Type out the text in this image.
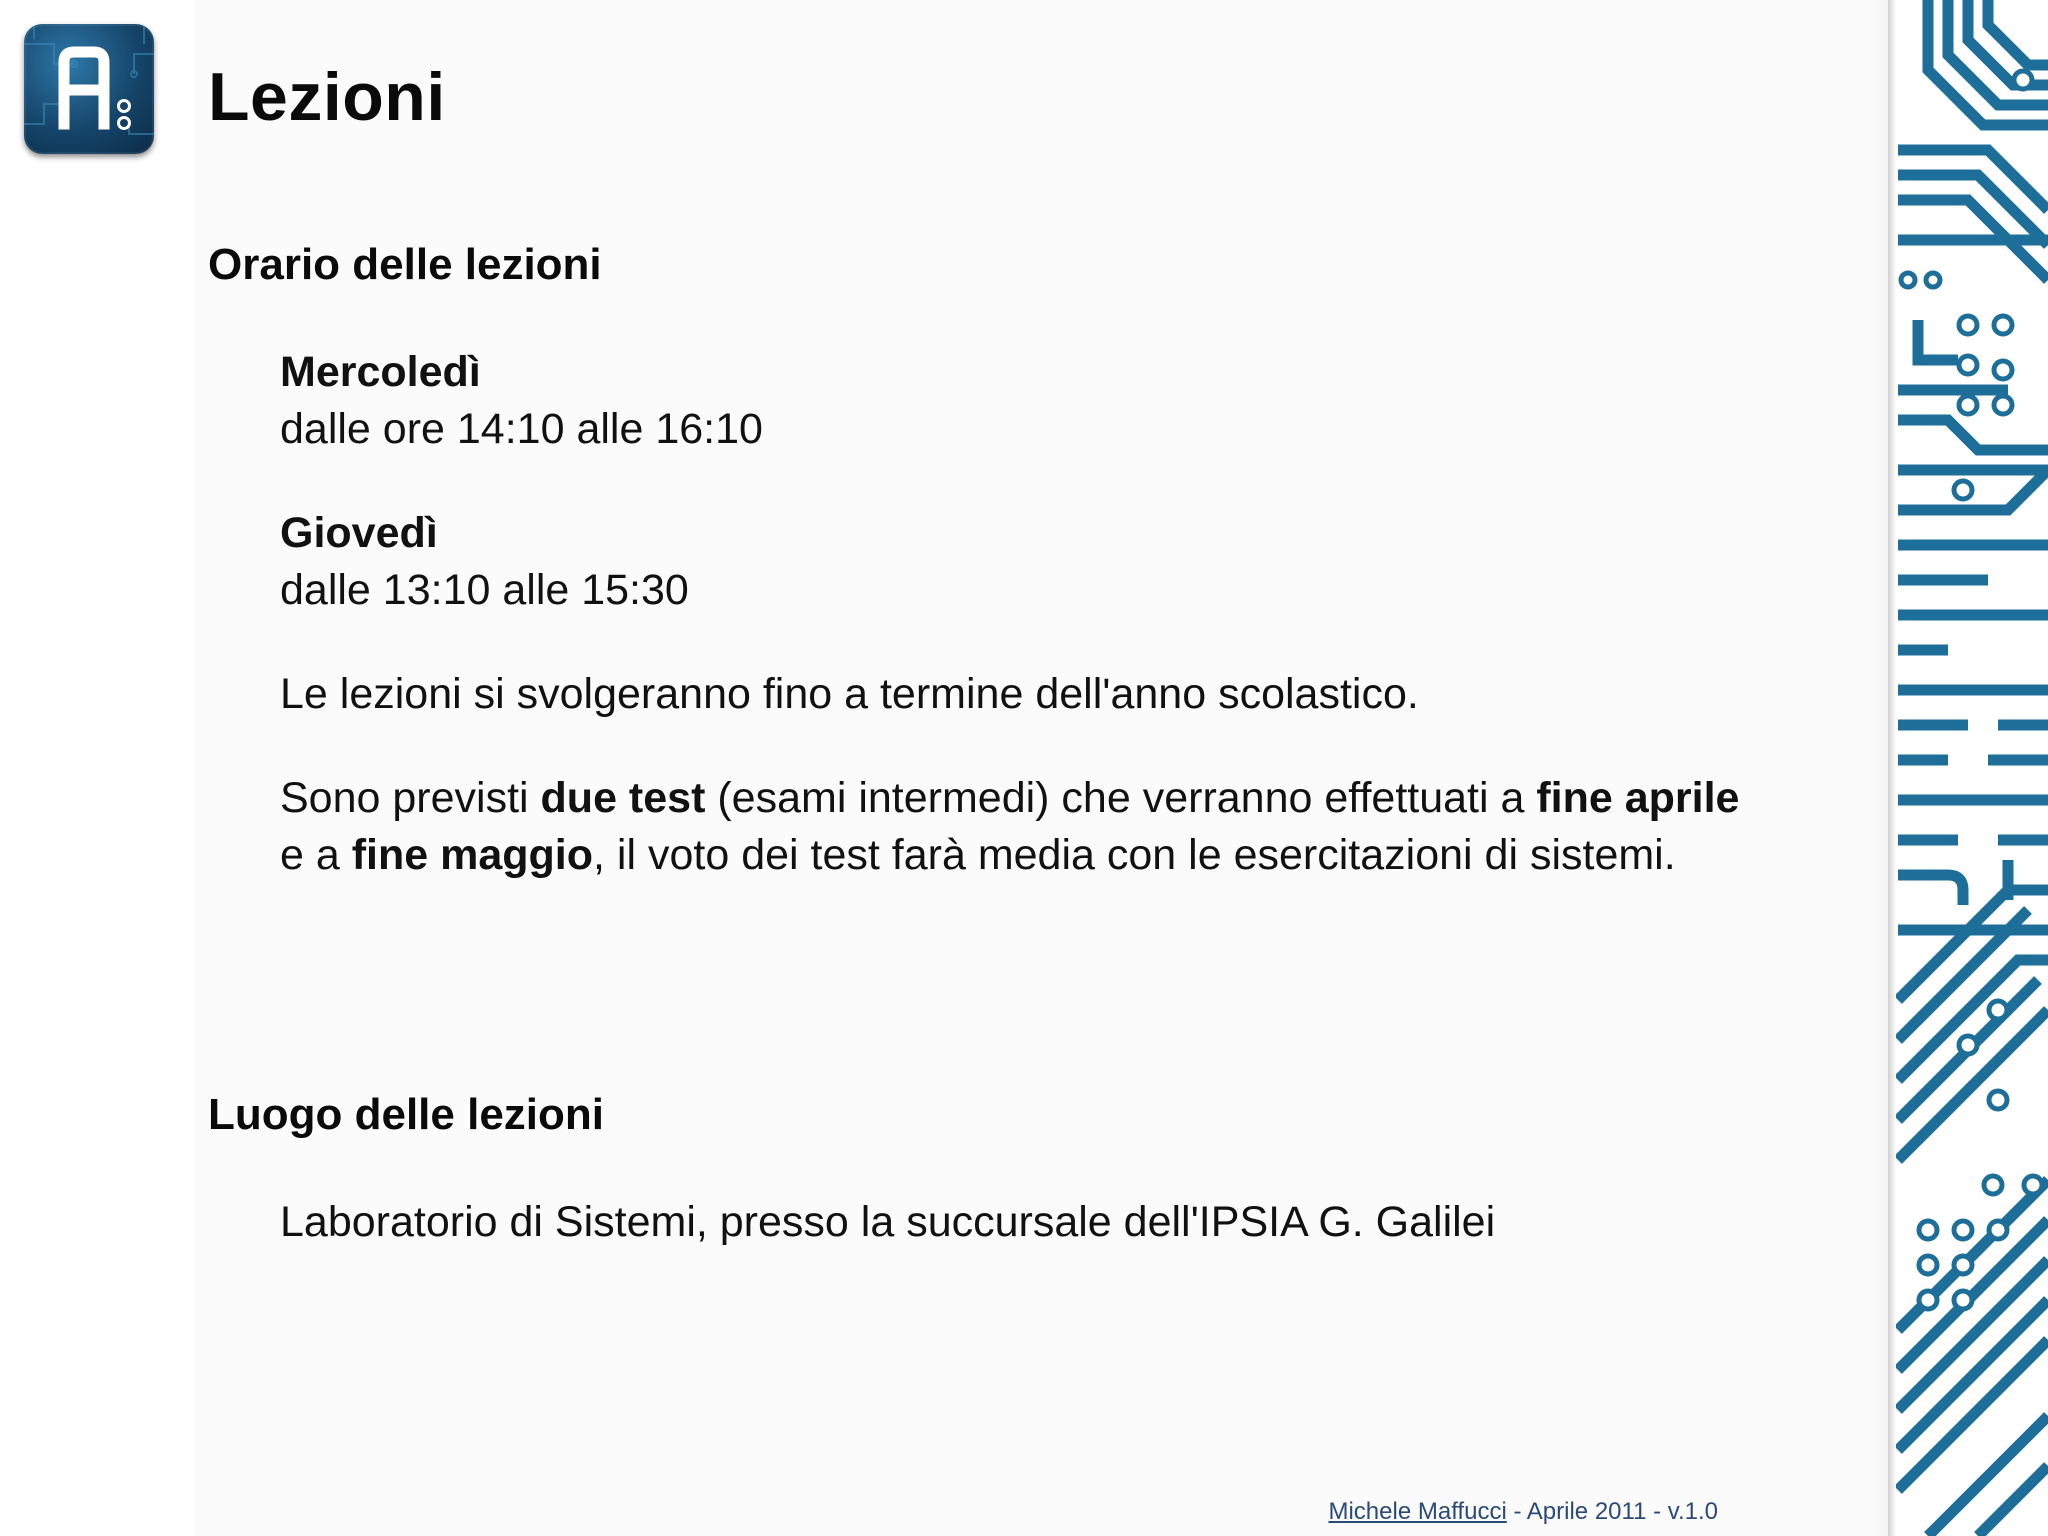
Lezioni
Orario delle lezioni
Mercoledì
dalle ore 14:10 alle 16:10
Giovedì
dalle 13:10 alle 15:30
Le lezioni si svolgeranno fino a termine dell'anno scolastico.
Sono previsti due test (esami intermedi) che verranno effettuati a fine aprile e a fine maggio, il voto dei test farà media con le esercitazioni di sistemi.
Luogo delle lezioni
Laboratorio di Sistemi, presso la succursale dell'IPSIA G. Galilei
Michele Maffucci - Aprile 2011 - v.1.0
